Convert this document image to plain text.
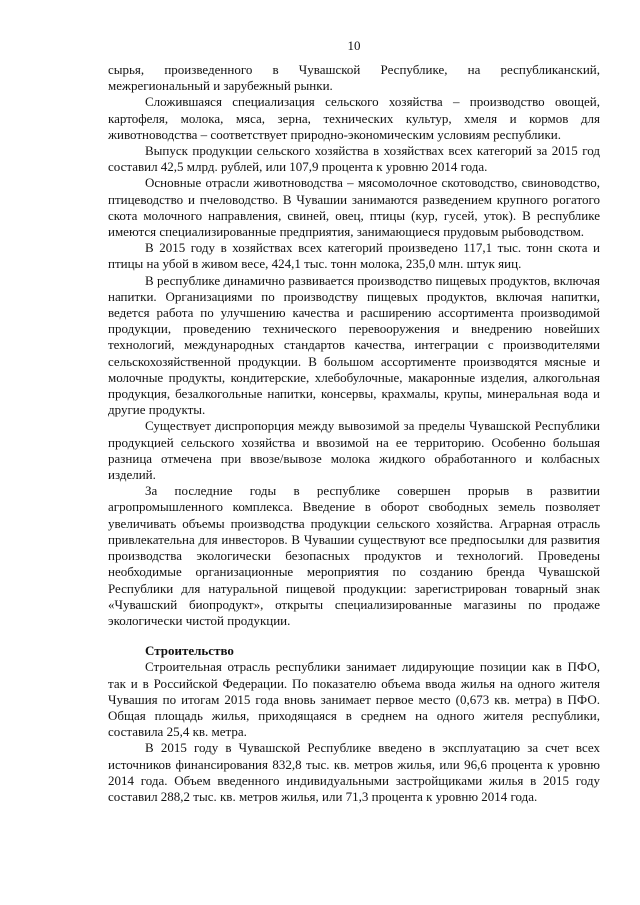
10

сырья, произведенного в Чувашской Республике, на республиканский, межрегиональный и зарубежный рынки.

Сложившаяся специализация сельского хозяйства – производство овощей, картофеля, молока, мяса, зерна, технических культур, хмеля и кормов для животноводства – соответствует природно-экономическим условиям республики.

Выпуск продукции сельского хозяйства в хозяйствах всех категорий за 2015 год составил 42,5 млрд. рублей, или 107,9 процента к уровню 2014 года.

Основные отрасли животноводства – мясомолочное скотоводство, свиноводство, птицеводство и пчеловодство. В Чувашии занимаются разведением крупного рогатого скота молочного направления, свиней, овец, птицы (кур, гусей, уток). В республике имеются специализированные предприятия, занимающиеся прудовым рыбоводством.

В 2015 году в хозяйствах всех категорий произведено 117,1 тыс. тонн скота и птицы на убой в живом весе, 424,1 тыс. тонн молока, 235,0 млн. штук яиц.

В республике динамично развивается производство пищевых продуктов, включая напитки. Организациями по производству пищевых продуктов, включая напитки, ведется работа по улучшению качества и расширению ассортимента производимой продукции, проведению технического перевооружения и внедрению новейших технологий, международных стандартов качества, интеграции с производителями сельскохозяйственной продукции. В большом ассортименте производятся мясные и молочные продукты, кондитерские, хлебобулочные, макаронные изделия, алкогольная продукция, безалкогольные напитки, консервы, крахмалы, крупы, минеральная вода и другие продукты.

Существует диспропорция между вывозимой за пределы Чувашской Республики продукцией сельского хозяйства и ввозимой на ее территорию. Особенно большая разница отмечена при ввозе/вывозе молока жидкого обработанного и колбасных изделий.

За последние годы в республике совершен прорыв в развитии агропромышленного комплекса. Введение в оборот свободных земель позволяет увеличивать объемы производства продукции сельского хозяйства. Аграрная отрасль привлекательна для инвесторов. В Чувашии существуют все предпосылки для развития производства экологически безопасных продуктов и технологий. Проведены необходимые организационные мероприятия по созданию бренда Чувашской Республики для натуральной пищевой продукции: зарегистрирован товарный знак «Чувашский биопродукт», открыты специализированные магазины по продаже экологически чистой продукции.

Строительство

Строительная отрасль республики занимает лидирующие позиции как в ПФО, так и в Российской Федерации. По показателю объема ввода жилья на одного жителя Чувашия по итогам 2015 года вновь занимает первое место (0,673 кв. метра) в ПФО. Общая площадь жилья, приходящаяся в среднем на одного жителя республики, составила 25,4 кв. метра.

В 2015 году в Чувашской Республике введено в эксплуатацию за счет всех источников финансирования 832,8 тыс. кв. метров жилья, или 96,6 процента к уровню 2014 года. Объем введенного индивидуальными застройщиками жилья в 2015 году составил 288,2 тыс. кв. метров жилья, или 71,3 процента к уровню 2014 года.
